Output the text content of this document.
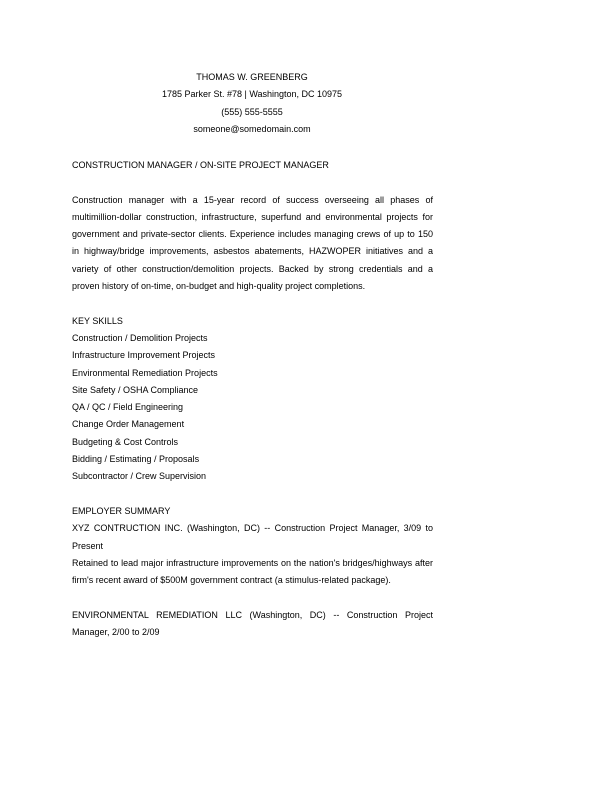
THOMAS W. GREENBERG
1785 Parker St. #78 | Washington, DC 10975
(555) 555-5555
someone@somedomain.com

CONSTRUCTION MANAGER / ON-SITE PROJECT MANAGER

Construction manager with a 15-year record of success overseeing all phases of multimillion-dollar construction, infrastructure, superfund and environmental projects for government and private-sector clients. Experience includes managing crews of up to 150 in highway/bridge improvements, asbestos abatements, HAZWOPER initiatives and a variety of other construction/demolition projects. Backed by strong credentials and a proven history of on-time, on-budget and high-quality project completions.

KEY SKILLS

Construction / Demolition Projects

Infrastructure Improvement Projects

Environmental Remediation Projects

Site Safety / OSHA Compliance

QA / QC / Field Engineering

Change Order Management

Budgeting & Cost Controls

Bidding / Estimating / Proposals

Subcontractor / Crew Supervision

EMPLOYER SUMMARY

XYZ CONTRUCTION INC. (Washington, DC) -- Construction Project Manager, 3/09 to Present

Retained to lead major infrastructure improvements on the nation's bridges/highways after firm's recent award of $500M government contract (a stimulus-related package).

ENVIRONMENTAL REMEDIATION LLC (Washington, DC) -- Construction Project Manager, 2/00 to 2/09
